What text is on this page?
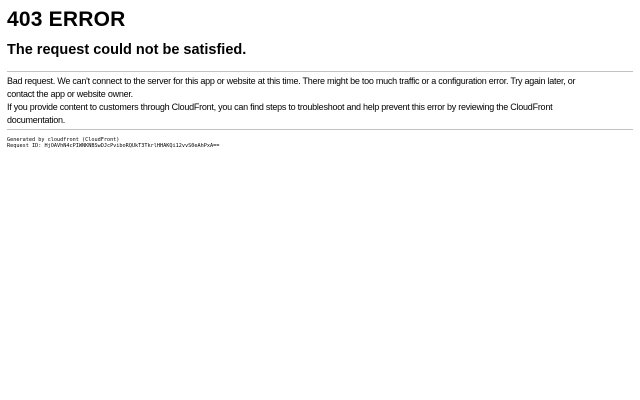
403 ERROR
The request could not be satisfied.
Bad request. We can't connect to the server for this app or website at this time. There might be too much traffic or a configuration error. Try again later, or
contact the app or website owner.
If you provide content to customers through CloudFront, you can find steps to troubleshoot and help prevent this error by reviewing the CloudFront
documentation.
Generated by cloudfront (CloudFront)
Request ID: HjOAVhN4cPIWNKNBSwDJcPviboRQUkT3TkrlHHAKQi12vvS0eAhPxA==
